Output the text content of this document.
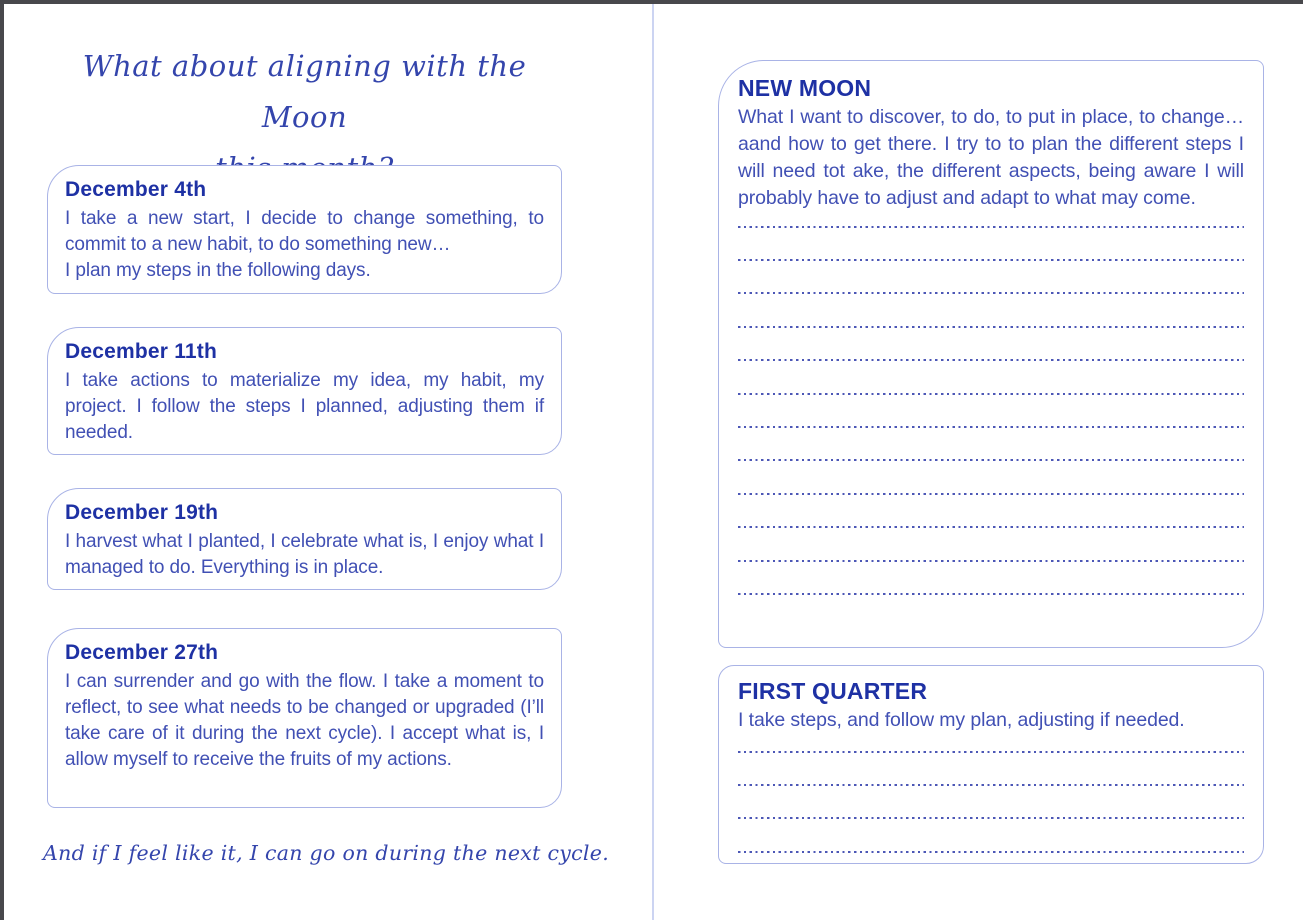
What about aligning with the Moon

December 4th

I take a new start, I decide to change something, to commit to a new habit, to do something new…

I plan my steps in the following days.

December 11th

I take actions to materialize my idea, my habit, my project. I follow the steps I planned, adjusting them if needed.

December 19th

I harvest what I planted, I celebrate what is, I enjoy what I managed to do. Everything is in place.

December 27th

I can surrender and go with the flow. I take a moment to reflect, to see what needs to be changed or upgraded (I’ll take care of it during the next cycle). I accept what is, I allow myself to receive the fruits of my actions.

And if I feel like it, I can go on during the next cycle.
NEW MOON

What I want to discover, to do, to put in place, to change… aand how to get there. I try to to plan the different steps I will need tot ake, the different aspects, being aware I will probably have to adjust and adapt to what may come.

FIRST QUARTER

I take steps, and follow my plan, adjusting if needed.
